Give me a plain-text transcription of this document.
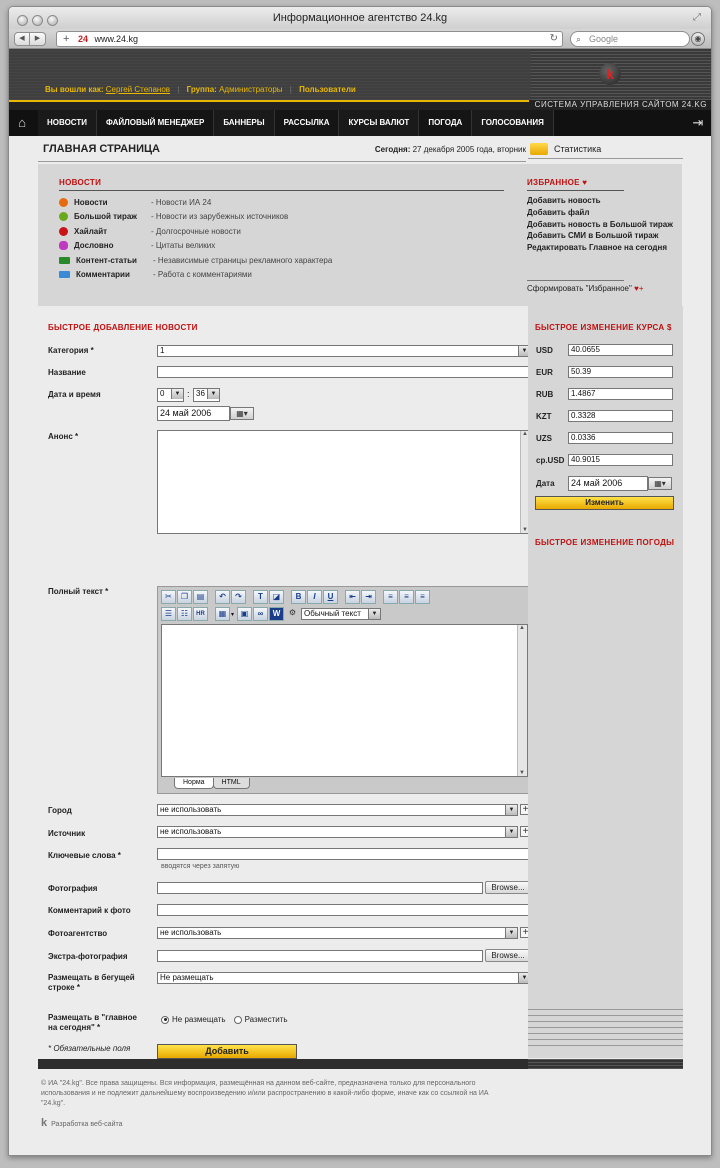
Информационное агентство 24.kg	⤢
◀	▶	+ 24 www.24.kg	↻ ⌕ Google	◉
Вы вошли как: Сергей Степанов | Группа: Администраторы | Пользователи
k
СИСТЕМА УПРАВЛЕНИЯ САЙТОМ 24.KG
⌂	НОВОСТИ	ФАЙЛОВЫЙ МЕНЕДЖЕР	БАННЕРЫ	РАССЫЛКА	КУРСЫ ВАЛЮТ	ПОГОДА	ГОЛОСОВАНИЯ	⇥
ГЛАВНАЯ СТРАНИЦА	Сегодня: 27 декабря 2005 года, вторник	Статистика
НОВОСТИ
Новости	- Новости ИА 24
Большой тираж	- Новости из зарубежных источников
Хайлайт	- Долгосрочные новости
Дословно	- Цитаты великих
Контент-статьи	- Независимые страницы рекламного характера
Комментарии	- Работа с комментариями
ИЗБРАННОЕ ♥
Добавить новость
Добавить файл
Добавить новость в Большой тираж
Добавить СМИ в Большой тираж
Редактировать Главное на сегодня
Сформировать "Избранное" ♥+
БЫСТРОЕ ДОБАВЛЕНИЕ НОВОСТИ
Категория *	1 ▼
Название
Дата и время	0 ▼	: 36 ▼
24 май 2006	▦▾
Анонс *
▲ ▼
Полный текст *
✂	❐	▤	↶	↷	T	◪	B	I	U	⇤	⇥	≡	≡	≡
☰	☷	HR	▦ ▾ ▣	∞	W	⚙ Обычный текст ▼
▲ ▼
Норма	HTML
Город	не использовать ▼	+
Источник	не использовать ▼	+
Ключевые слова *
вводятся через запятую
Фотография	Browse...
Комментарий к фото
Фотоагентство	не использовать ▼	+
Экстра-фотография	Browse...
Размещать в бегущей строке *
Не размещать ▼
Размещать в "главное на сегодня" *
Не размещать Разместить
* Обязательные поля	Добавить
БЫСТРОЕ ИЗМЕНЕНИЕ КУРСА $
USD	40.0655
EUR	50.39
RUB	1.4867
KZT	0.3328
UZS	0.0336
cp.USD 40.9015
Дата	24 май 2006	▦▾
Изменить
БЫСТРОЕ ИЗМЕНЕНИЕ ПОГОДЫ
© ИА "24.kg". Все права защищены. Вся информация, размещённая на данном веб-сайте, предназначена только для персонального использования и не подлежит дальнейшему воспроизведению и/или распространению в какой-либо форме, иначе как со ссылкой на ИА "24.kg".
k Разработка веб-сайта
